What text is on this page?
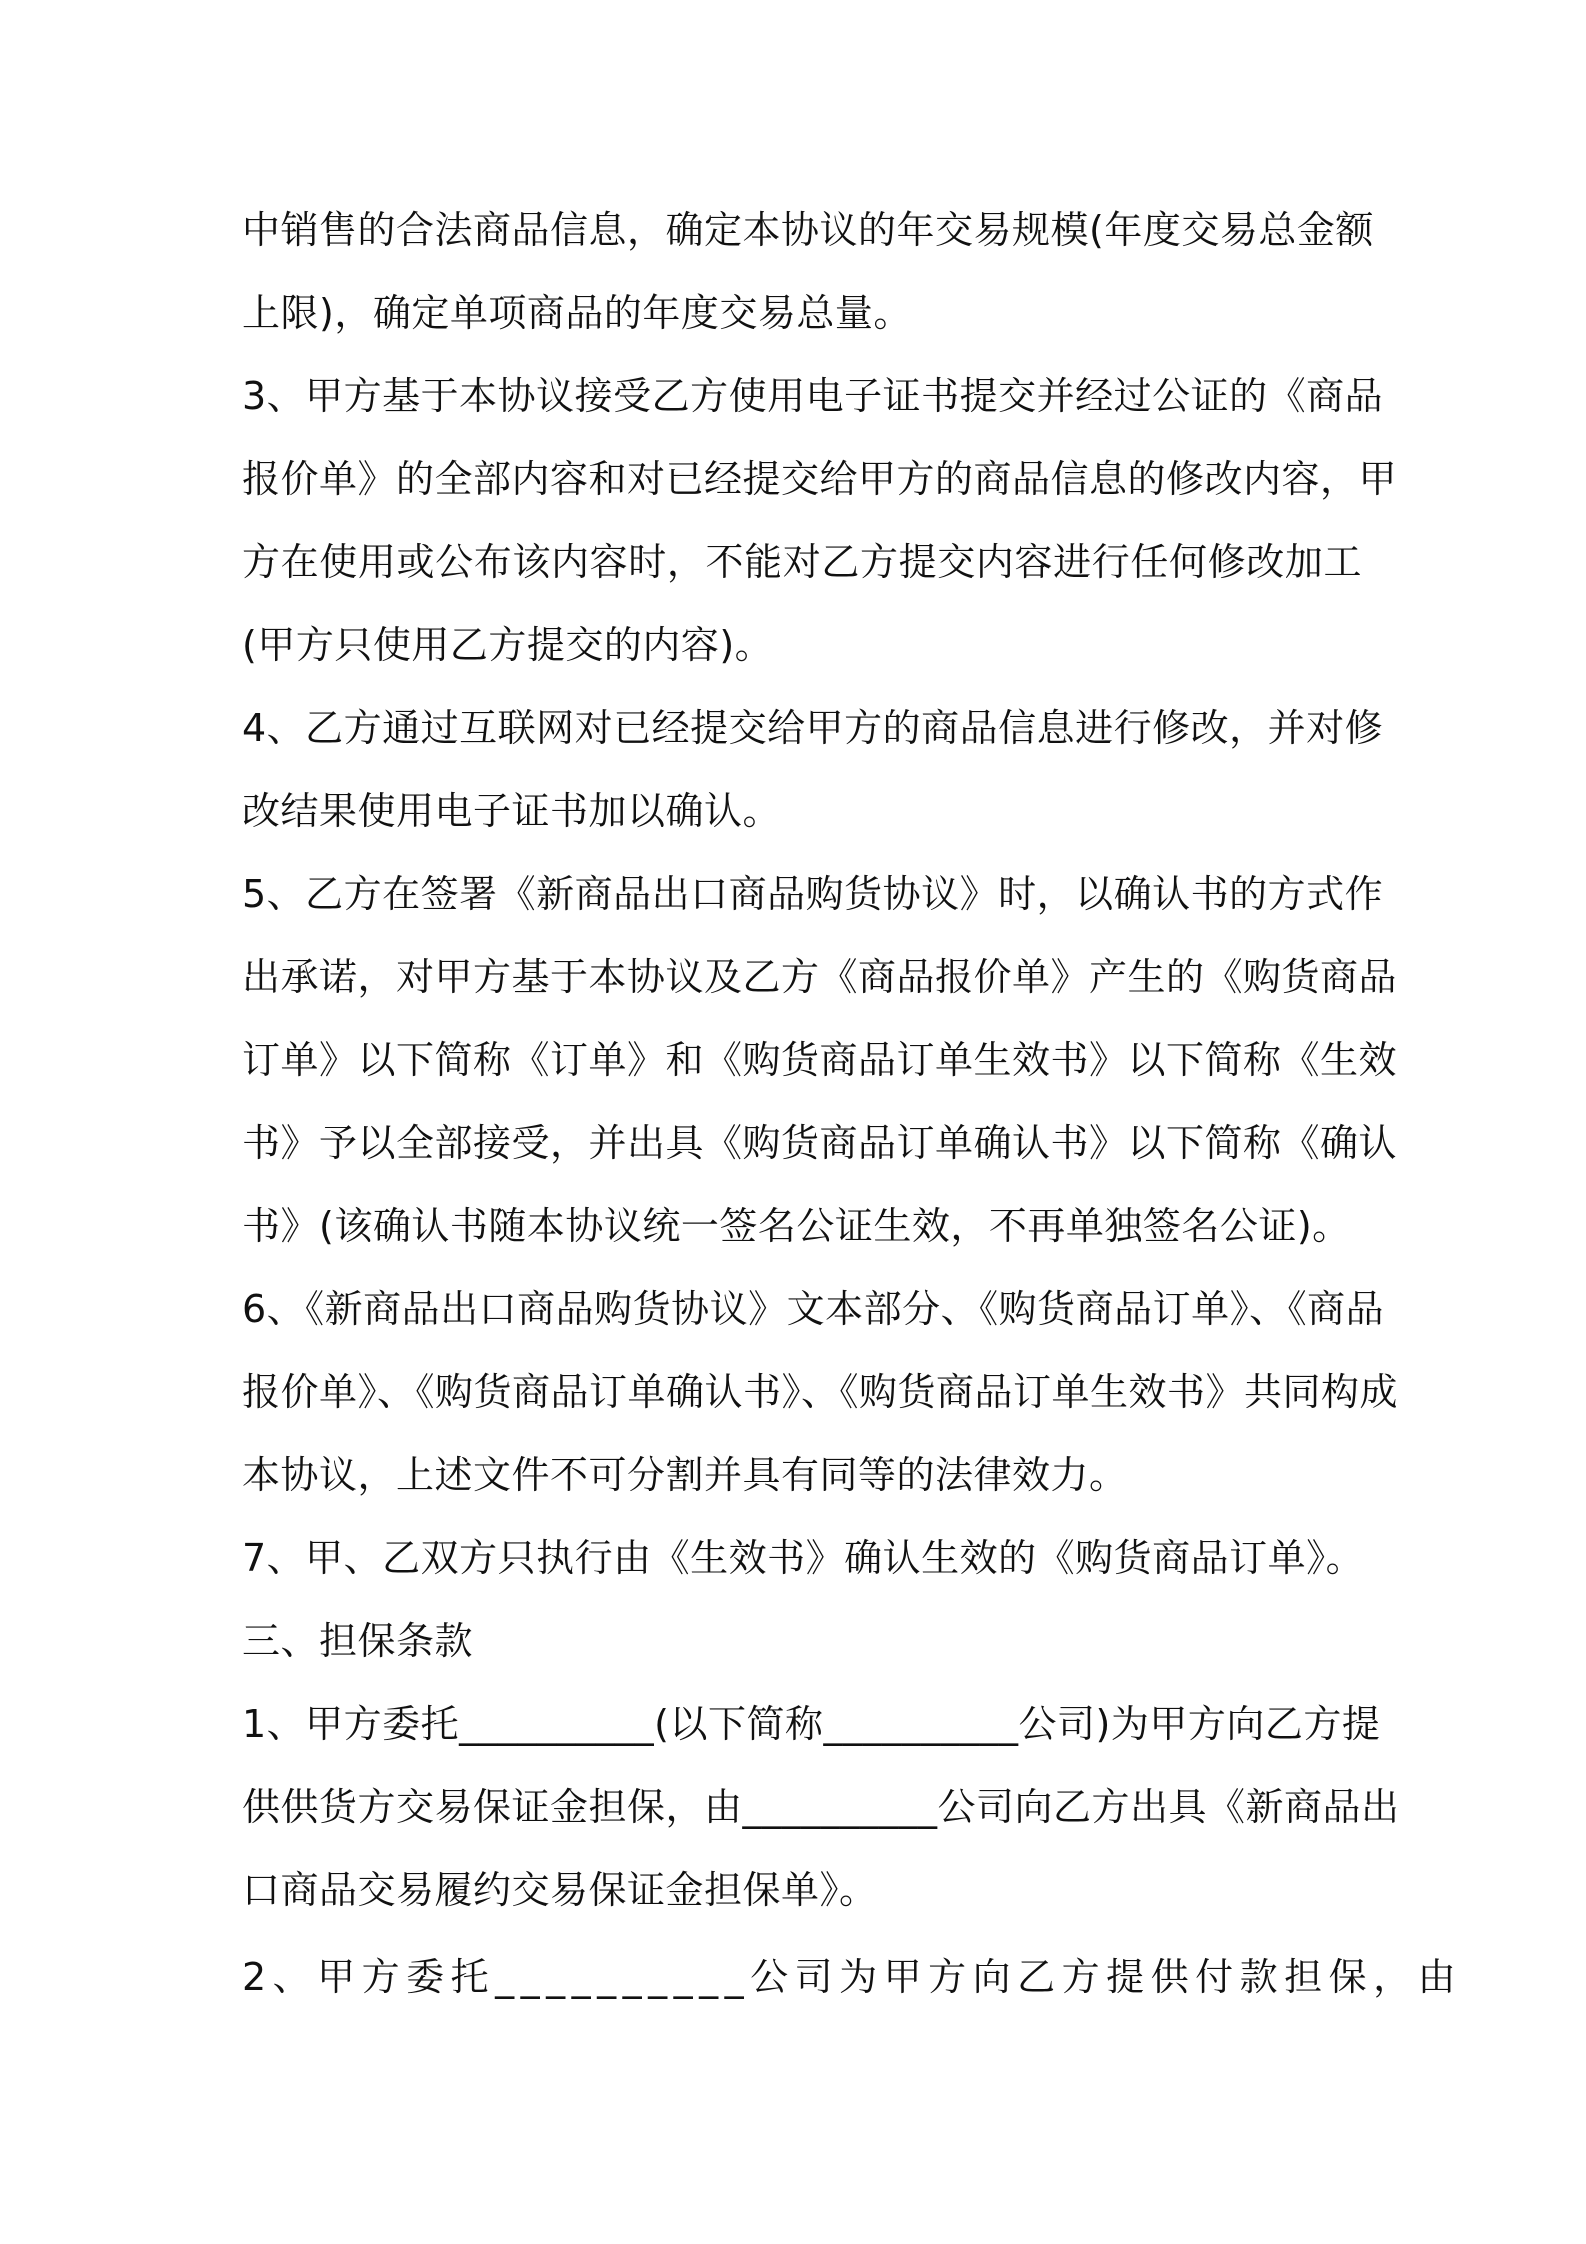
中销售的合法商品信息，确定本协议的年交易规模(年度交易总金额
上限)，确定单项商品的年度交易总量。
3、甲方基于本协议接受乙方使用电子证书提交并经过公证的《商品
报价单》的全部内容和对已经提交给甲方的商品信息的修改内容，甲
方在使用或公布该内容时，不能对乙方提交内容进行任何修改加工
(甲方只使用乙方提交的内容)。
4、乙方通过互联网对已经提交给甲方的商品信息进行修改，并对修
改结果使用电子证书加以确认。
5、乙方在签署《新商品出口商品购货协议》时，以确认书的方式作
出承诺，对甲方基于本协议及乙方《商品报价单》产生的《购货商品
订单》以下简称《订单》和《购货商品订单生效书》以下简称《生效
书》予以全部接受，并出具《购货商品订单确认书》以下简称《确认
书》(该确认书随本协议统一签名公证生效，不再单独签名公证)。
6、《新商品出口商品购货协议》文本部分、《购货商品订单》、《商品
报价单》、《购货商品订单确认书》、《购货商品订单生效书》共同构成
本协议，上述文件不可分割并具有同等的法律效力。
7、甲、乙双方只执行由《生效书》确认生效的《购货商品订单》。
三、担保条款
1、甲方委托__________(以下简称__________公司)为甲方向乙方提
供供货方交易保证金担保，由__________公司向乙方出具《新商品出
口商品交易履约交易保证金担保单》。
2、甲方委托__________公司为甲方向乙方提供付款担保，由
